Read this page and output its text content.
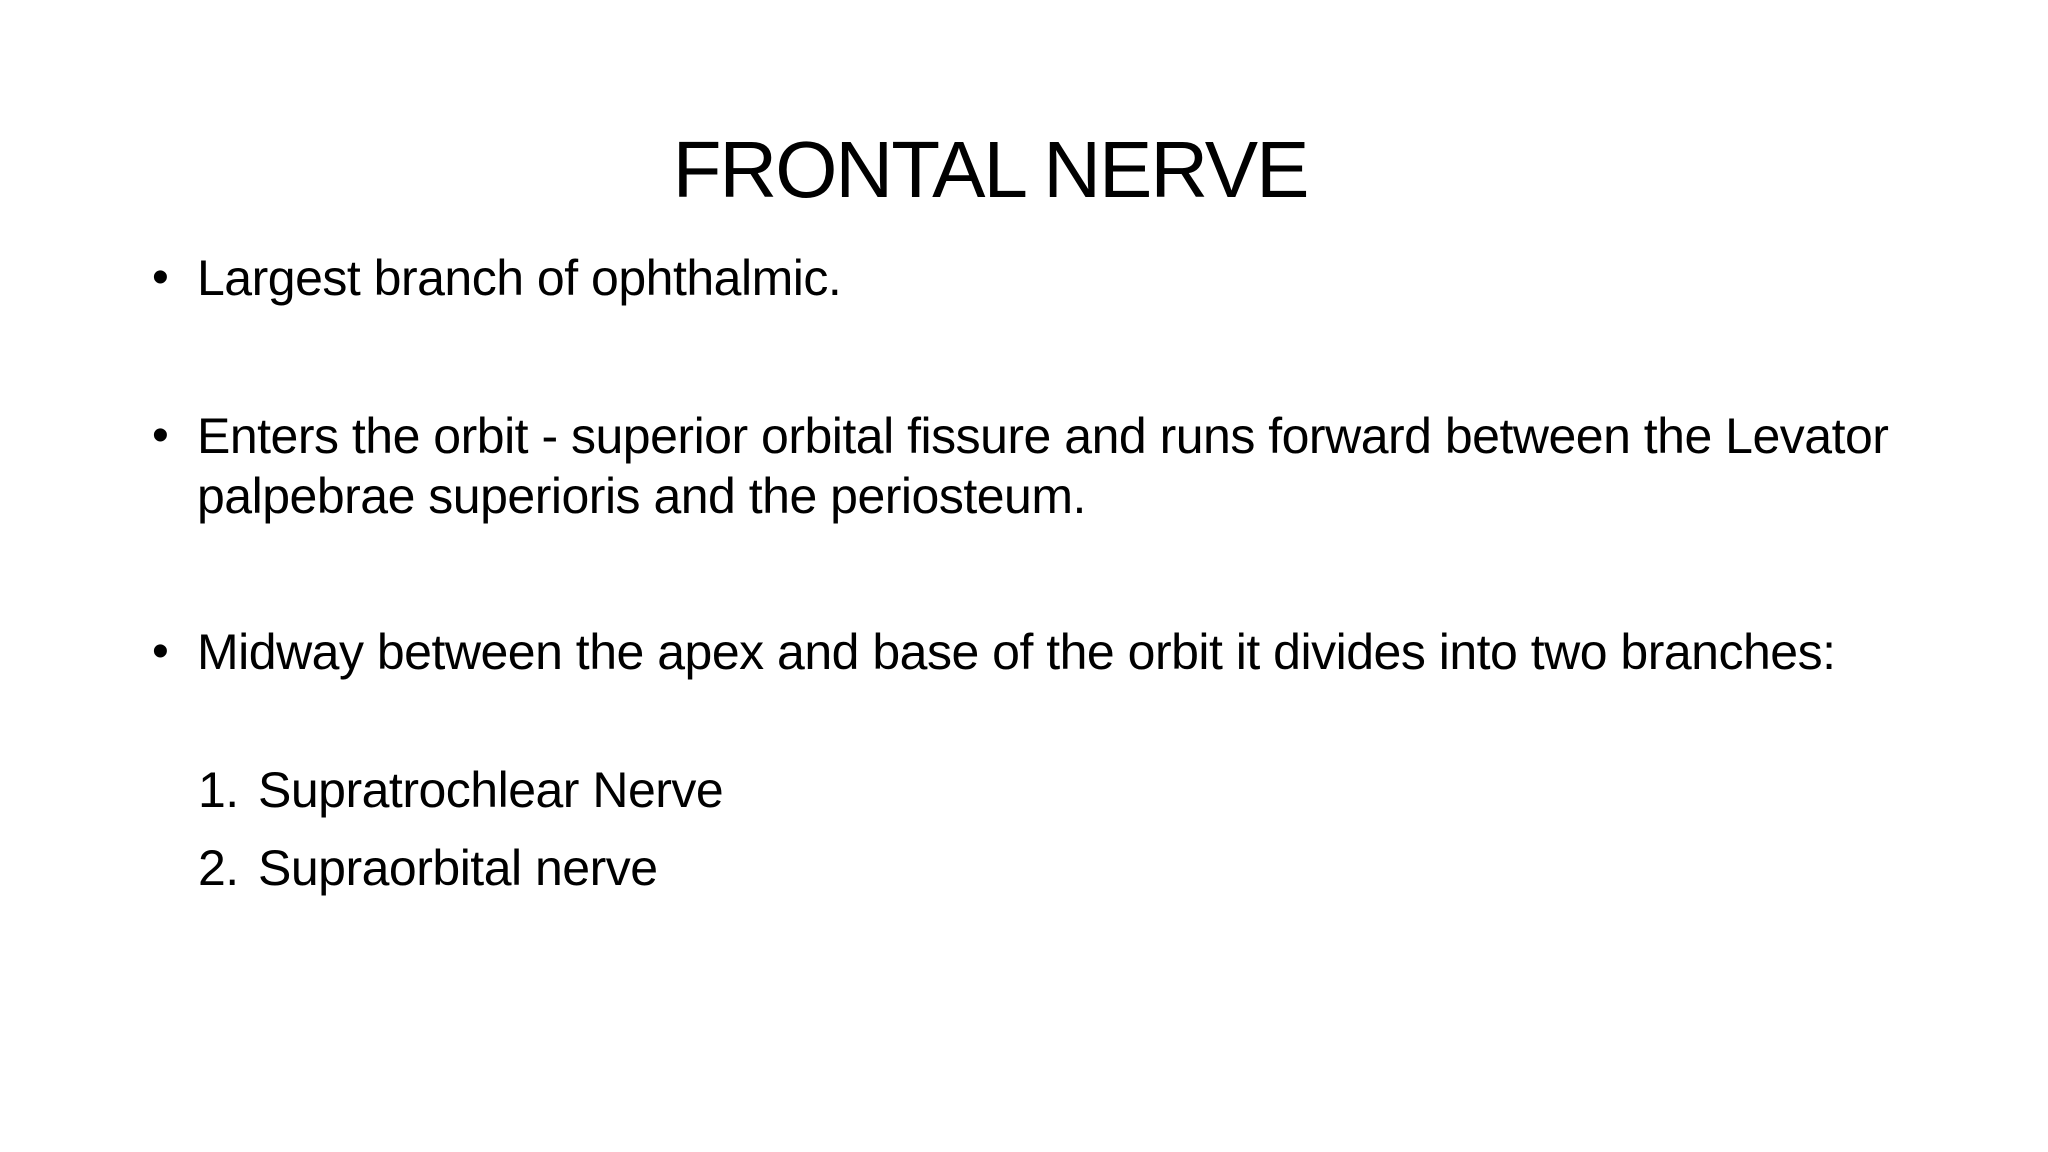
FRONTAL NERVE
• Largest branch of ophthalmic.
• Enters the orbit - superior orbital fissure and runs forward between the Levator palpebrae superioris and the periosteum.
• Midway between the apex and base of the orbit it divides into two branches:
1. Supratrochlear Nerve
2. Supraorbital nerve
